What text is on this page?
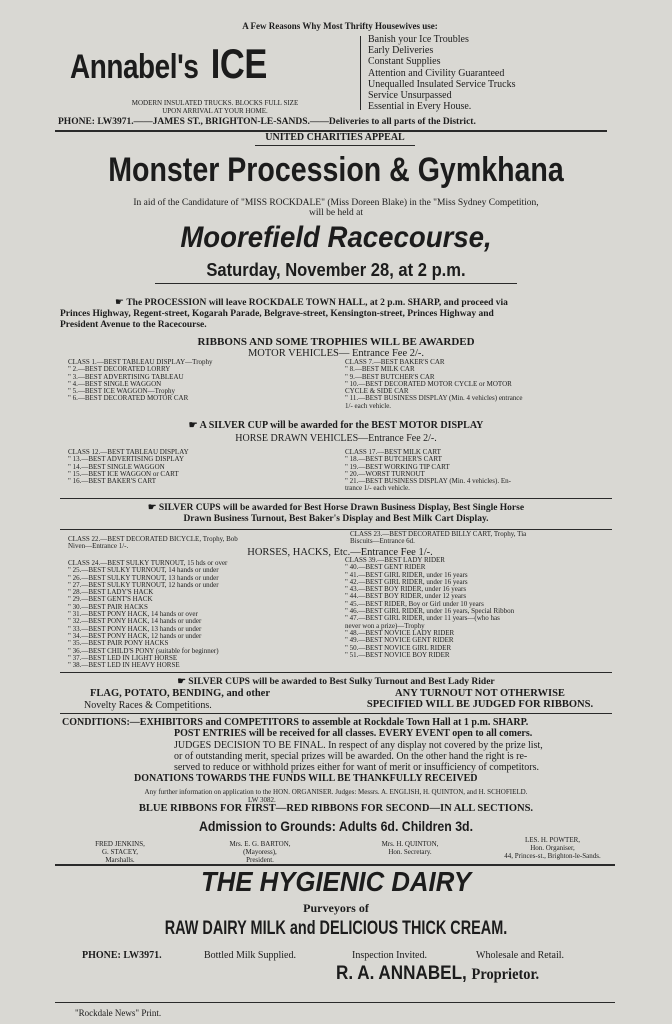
A Few Reasons Why Most Thrifty Housewives use:
Annabel's ICE
Banish your Ice Troubles
Early Deliveries
Constant Supplies
Attention and Civility Guaranteed
Unequalled Insulated Service Trucks
Service Unsurpassed
Essential in Every House.
MODERN INSULATED TRUCKS. BLOCKS FULL SIZE
UPON ARRIVAL AT YOUR HOME.
PHONE: LW3971.——JAMES ST., BRIGHTON-LE-SANDS.——Deliveries to all parts of the District.
UNITED CHARITIES APPEAL
Monster Procession & Gymkhana
In aid of the Candidature of "MISS ROCKDALE" (Miss Doreen Blake) in the "Miss Sydney Competition,
will be held at
Moorefield Racecourse,
Saturday, November 28, at 2 p.m.
☛ The PROCESSION will leave ROCKDALE TOWN HALL, at 2 p.m. SHARP, and proceed via
Princes Highway, Regent-street, Kogarah Parade, Belgrave-street, Kensington-street, Princes Highway and
President Avenue to the Racecourse.
RIBBONS AND SOME TROPHIES WILL BE AWARDED
MOTOR VEHICLES— Entrance Fee 2/-.
CLASS 1.—BEST TABLEAU DISPLAY—Trophy
" 2.—BEST DECORATED LORRY
" 3.—BEST ADVERTISING TABLEAU
" 4.—BEST SINGLE WAGGON
" 5.—BEST ICE WAGGON—Trophy
" 6.—BEST DECORATED MOTOR CAR
CLASS 7.—BEST BAKER'S CAR
" 8.—BEST MILK CAR
" 9.—BEST BUTCHER'S CAR
" 10.—BEST DECORATED MOTOR CYCLE or MOTOR
CYCLE & SIDE CAR
" 11.—BEST BUSINESS DISPLAY (Min. 4 vehicles) entrance
1/- each vehicle.
☛ A SILVER CUP will be awarded for the BEST MOTOR DISPLAY
HORSE DRAWN VEHICLES—Entrance Fee 2/-.
CLASS 12.—BEST TABLEAU DISPLAY
" 13.—BEST ADVERTISING DISPLAY
" 14.—BEST SINGLE WAGGON
" 15.—BEST ICE WAGGON or CART
" 16.—BEST BAKER'S CART
CLASS 17.—BEST MILK CART
" 18.—BEST BUTCHER'S CART
" 19.—BEST WORKING TIP CART
" 20.—WORST TURNOUT
" 21.—BEST BUSINESS DISPLAY (Min. 4 vehicles). En-
trance 1/- each vehicle.
☛ SILVER CUPS will be awarded for Best Horse Drawn Business Display, Best Single Horse
Drawn Business Turnout, Best Baker's Display and Best Milk Cart Display.
CLASS 22.—BEST DECORATED BICYCLE, Trophy, Bob
Niven—Entrance 1/-.
CLASS 23.—BEST DECORATED BILLY CART, Trophy, Tia
Biscuits—Entrance 6d.
HORSES, HACKS, Etc.—Entrance Fee 1/-.
CLASS 24.—BEST SULKY TURNOUT, 15 hds or over
" 25.—BEST SULKY TURNOUT, 14 hands or under
" 26.—BEST SULKY TURNOUT, 13 hands or under
" 27.—BEST SULKY TURNOUT, 12 hands or under
" 28.—BEST LADY'S HACK
" 29.—BEST GENT'S HACK
" 30.—BEST PAIR HACKS
" 31.—BEST PONY HACK, 14 hands or over
" 32.—BEST PONY HACK, 14 hands or under
" 33.—BEST PONY HACK, 13 hands or under
" 34.—BEST PONY HACK, 12 hands or under
" 35.—BEST PAIR PONY HACKS
" 36.—BEST CHILD'S PONY (suitable for beginner)
" 37.—BEST LED IN LIGHT HORSE
" 38.—BEST LED IN HEAVY HORSE
CLASS 39.—BEST LADY RIDER
" 40.—BEST GENT RIDER
" 41.—BEST GIRL RIDER, under 16 years
" 42.—BEST GIRL RIDER, under 16 years
" 43.—BEST BOY RIDER, under 16 years
" 44.—BEST BOY RIDER, under 12 years
" 45.—BEST RIDER, Boy or Girl under 10 years
" 46.—BEST GIRL RIDER, under 16 years, Special Ribbon
" 47.—BEST GIRL RIDER, under 11 years—(who has
never won a prize)—Trophy
" 48.—BEST NOVICE LADY RIDER
" 49.—BEST NOVICE GENT RIDER
" 50.—BEST NOVICE GIRL RIDER
" 51.—BEST NOVICE BOY RIDER
☛ SILVER CUPS will be awarded to Best Sulky Turnout and Best Lady Rider
FLAG, POTATO, BENDING, and other
Novelty Races & Competitions.
ANY TURNOUT NOT OTHERWISE
SPECIFIED WILL BE JUDGED FOR RIBBONS.
CONDITIONS:—EXHIBITORS and COMPETITORS to assemble at Rockdale Town Hall at 1 p.m. SHARP.
POST ENTRIES will be received for all classes. EVERY EVENT open to all comers.
JUDGES DECISION TO BE FINAL. In respect of any display not covered by the prize list,
or of outstanding merit, special prizes will be awarded. On the other hand the right is re-
served to reduce or withhold prizes either for want of merit or insufficiency of competitors.
DONATIONS TOWARDS THE FUNDS WILL BE THANKFULLY RECEIVED
Any further information on application to the HON. ORGANISER. Judges: Messrs. A. ENGLISH, H. QUINTON, and H. SCHOFIELD.
LW 3082.
BLUE RIBBONS FOR FIRST—RED RIBBONS FOR SECOND—IN ALL SECTIONS.
Admission to Grounds: Adults 6d. Children 3d.
FRED JENKINS,
G. STACEY,
Marshalls.
Mrs. E. G. BARTON,
(Mayoress),
President.
Mrs. H. QUINTON,
Hon. Secretary.
LES. H. POWTER,
Hon. Organiser,
44, Princes-st., Brighton-le-Sands.
THE HYGIENIC DAIRY
Purveyors of
RAW DAIRY MILK and DELICIOUS THICK CREAM.
PHONE: LW3971.	Bottled Milk Supplied.	Inspection Invited.	Wholesale and Retail.
R. A. ANNABEL, Proprietor.
"Rockdale News" Print.
